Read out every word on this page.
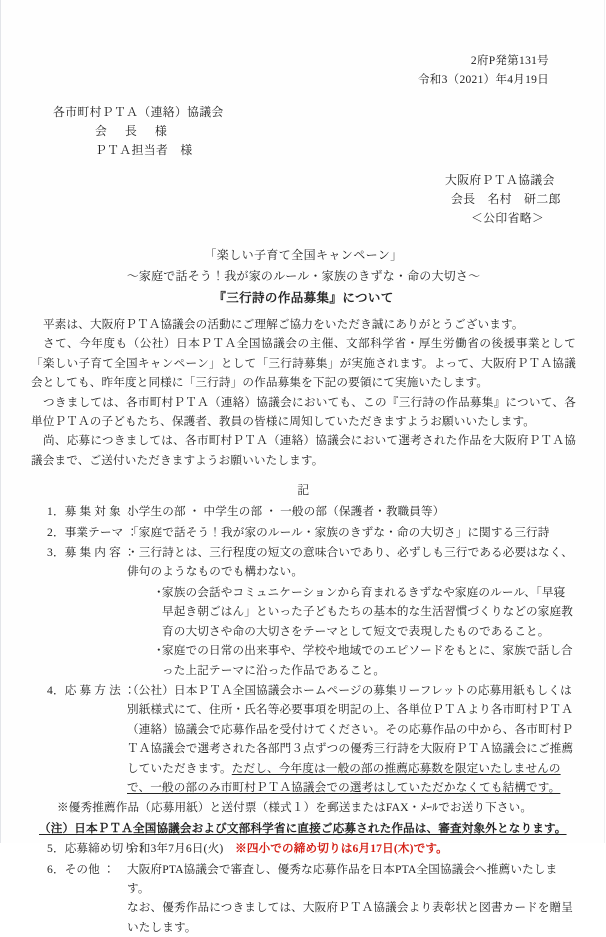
2府P発第131号
令和3（2021）年4月19日
各市町村ＰＴＡ（連絡）協議会
会　長　様
ＰＴＡ担当者　様
大阪府ＰＴＡ協議会
会長　名村　研二郎
＜公印省略＞
「楽しい子育て全国キャンペーン」
～家庭で話そう！我が家のルール・家族のきずな・命の大切さ～
『三行詩の作品募集』について

平素は、大阪府ＰＴＡ協議会の活動にご理解ご協力をいただき誠にありがとうございます。

さて、今年度も（公社）日本ＰＴＡ全国協議会の主催、文部科学省・厚生労働省の後援事業として「楽しい子育て全国キャンペーン」として「三行詩募集」が実施されます。よって、大阪府ＰＴＡ協議会としても、昨年度と同様に「三行詩」の作品募集を下記の要領にて実施いたします。

つきましては、各市町村ＰＴＡ（連絡）協議会においても、この『三行詩の作品募集』について、各単位ＰＴＡの子どもたち、保護者、教員の皆様に周知していただきますようお願いいたします。

尚、応募につきましては、各市町村ＰＴＡ（連絡）協議会において選考された作品を大阪府ＰＴＡ協議会まで、ご送付いただきますようお願いいたします。

記
1．募 集 対 象 ：
小学生の部 ・ 中学生の部 ・ 一般の部（保護者・教職員等）
2．事業テーマ ：
「家庭で話そう！我が家のルール・家族のきずな・命の大切さ」に関する三行詩
3．募 集 内 容 ：
・三行詩とは、三行程度の短文の意味合いであり、必ずしも三行である必要はなく、俳句のようなものでも構わない。
・
家族の会話やコミュニケーションから育まれるきずなや家庭のルール、「早寝早起き朝ごはん」といった子どもたちの基本的な生活習慣づくりなどの家庭教育の大切さや命の大切さをテーマとして短文で表現したものであること。
・
家庭での日常の出来事や、学校や地域でのエピソードをもとに、家族で話し合った上記テーマに沿った作品であること。
4．応 募 方 法 ：
（公社）日本ＰＴＡ全国協議会ホームページの募集リーフレットの応募用紙もしくは別紙様式にて、住所・氏名等必要事項を明記の上、各単位ＰＴＡより各市町村ＰＴＡ（連絡）協議会で応募作品を受付けてください。その応募作品の中から、各市町村ＰＴＡ協議会で選考された各部門３点ずつの優秀三行詩を大阪府ＰＴＡ協議会にご推薦していただきます。ただし、今年度は一般の部の推薦応募数を限定いたしませんので、一般の部のみ市町村ＰＴＡ協議会での選考はしていただかなくても結構です。
※優秀推薦作品（応募用紙）と送付票（様式１）を郵送またはFAX・ﾒｰﾙでお送り下さい。
（注）日本ＰＴＡ全国協議会および文部科学省に直接ご応募された作品は、審査対象外となります。
5．応募締め切り：
令和3年7月6日(火)　※四小での締め切りは6月17日(木)です。
6．その他 ：	大阪府PTA協議会で審査し、優秀な応募作品を日本PTA全国協議会へ推薦いたします。
なお、優秀作品につきましては、大阪府ＰＴＡ協議会より表彰状と図書カードを贈呈いたします。
